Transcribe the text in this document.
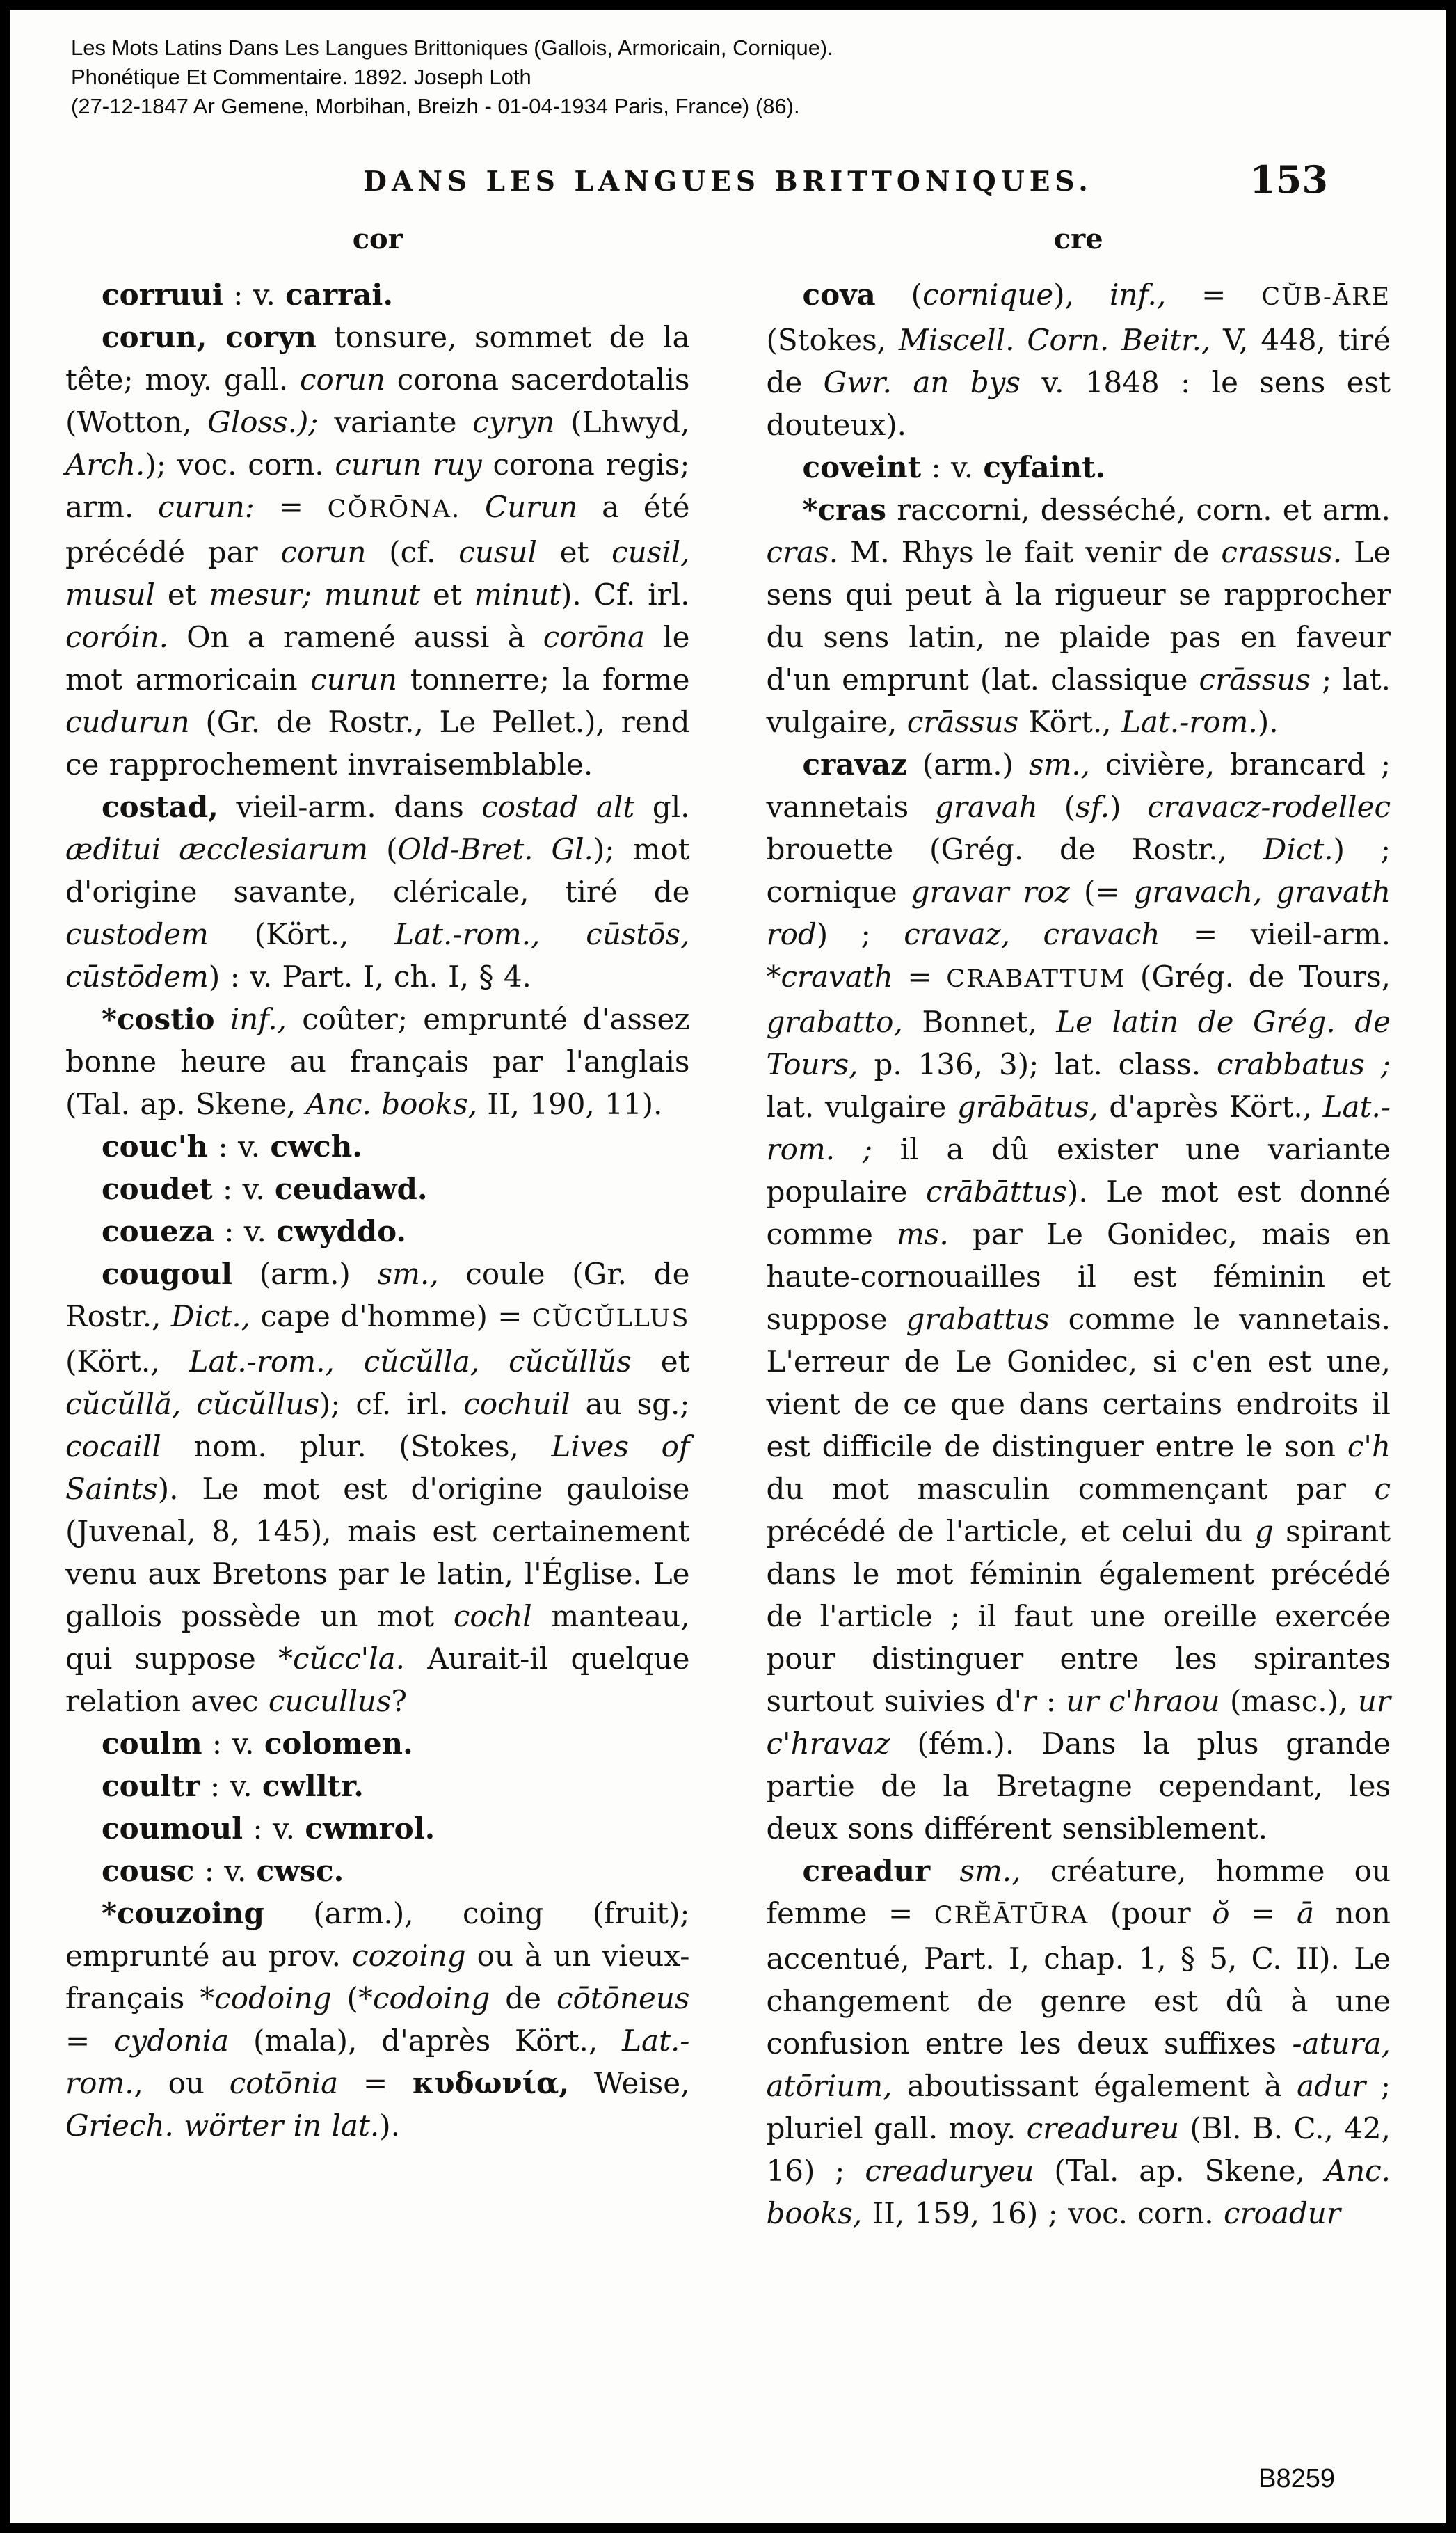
Les Mots Latins Dans Les Langues Brittoniques (Gallois, Armoricain, Cornique).
Phonétique Et Commentaire. 1892. Joseph Loth
(27-12-1847 Ar Gemene, Morbihan, Breizh - 01-04-1934 Paris, France) (86).
DANS LES LANGUES BRITTONIQUES.	153
cor

corruui : v. carrai.

corun, coryn tonsure, sommet de la tête; moy. gall. corun corona sacerdotalis (Wotton, Gloss.); variante cyryn (Lhwyd, Arch.); voc. corn. curun ruy corona regis; arm. curun: = CŎRŌNA. Curun a été précédé par corun (cf. cusul et cusil, musul et mesur; munut et minut). Cf. irl. coróin. On a ramené aussi à corōna le mot armoricain curun tonnerre; la forme cudurun (Gr. de Rostr., Le Pellet.), rend ce rapprochement invraisemblable.

costad, vieil-arm. dans costad alt gl. æditui æcclesiarum (Old-Bret. Gl.); mot d'origine savante, cléricale, tiré de custodem (Kört., Lat.-rom., cūstōs, cūstōdem) : v. Part. I, ch. I, § 4.

*costio inf., coûter; emprunté d'assez bonne heure au français par l'anglais (Tal. ap. Skene, Anc. books, II, 190, 11).

couc'h : v. cwch.

coudet : v. ceudawd.

coueza : v. cwyddo.

cougoul (arm.) sm., coule (Gr. de Rostr., Dict., cape d'homme) = CŬCŬLLUS (Kört., Lat.-rom., cŭcŭlla, cŭcŭllŭs et cŭcŭllă, cŭcŭllus); cf. irl. cochuil au sg.; cocaill nom. plur. (Stokes, Lives of Saints). Le mot est d'origine gauloise (Juvenal, 8, 145), mais est certainement venu aux Bretons par le latin, l'Église. Le gallois possède un mot cochl manteau, qui suppose *cŭcc'la. Aurait-il quelque relation avec cucullus?

coulm : v. colomen.

coultr : v. cwlltr.

coumoul : v. cwmrol.

cousc : v. cwsc.

*couzoing (arm.), coing (fruit); emprunté au prov. cozoing ou à un vieux-français *codoing (*codoing de cōtōneus = cydonia (mala), d'après Kört., Lat.-rom., ou cotōnia = κυδωνία, Weise, Griech. wörter in lat.).

cre

cova (cornique), inf., = CŬB-ĀRE (Stokes, Miscell. Corn. Beitr., V, 448, tiré de Gwr. an bys v. 1848 : le sens est douteux).

coveint : v. cyfaint.

*cras raccorni, desséché, corn. et arm. cras. M. Rhys le fait venir de crassus. Le sens qui peut à la rigueur se rapprocher du sens latin, ne plaide pas en faveur d'un emprunt (lat. classique crāssus ; lat. vulgaire, crāssus Kört., Lat.-rom.).

cravaz (arm.) sm., civière, brancard ; vannetais gravah (sf.) cravacz-rodellec brouette (Grég. de Rostr., Dict.) ; cornique gravar roz (= gravach, gravath rod) ; cravaz, cravach = vieil-arm. *cravath = CRABATTUM (Grég. de Tours, grabatto, Bonnet, Le latin de Grég. de Tours, p. 136, 3); lat. class. crabbatus ; lat. vulgaire grābātus, d'après Kört., Lat.-rom. ; il a dû exister une variante populaire crābāttus). Le mot est donné comme ms. par Le Gonidec, mais en haute-cornouailles il est féminin et suppose grabattus comme le vannetais. L'erreur de Le Gonidec, si c'en est une, vient de ce que dans certains endroits il est difficile de distinguer entre le son c'h du mot masculin commençant par c précédé de l'article, et celui du g spirant dans le mot féminin également précédé de l'article ; il faut une oreille exercée pour distinguer entre les spirantes surtout suivies d'r : ur c'hraou (masc.), ur c'hravaz (fém.). Dans la plus grande partie de la Bretagne cependant, les deux sons différent sensiblement.

creadur sm., créature, homme ou femme = CRĔĀTŪRA (pour ŏ = ā non accentué, Part. I, chap. 1, § 5, C. II). Le changement de genre est dû à une confusion entre les deux suffixes -atura, atōrium, aboutissant également à adur ; pluriel gall. moy. creadureu (Bl. B. C., 42, 16) ; creaduryeu (Tal. ap. Skene, Anc. books, II, 159, 16) ; voc. corn. croadur

B8259
